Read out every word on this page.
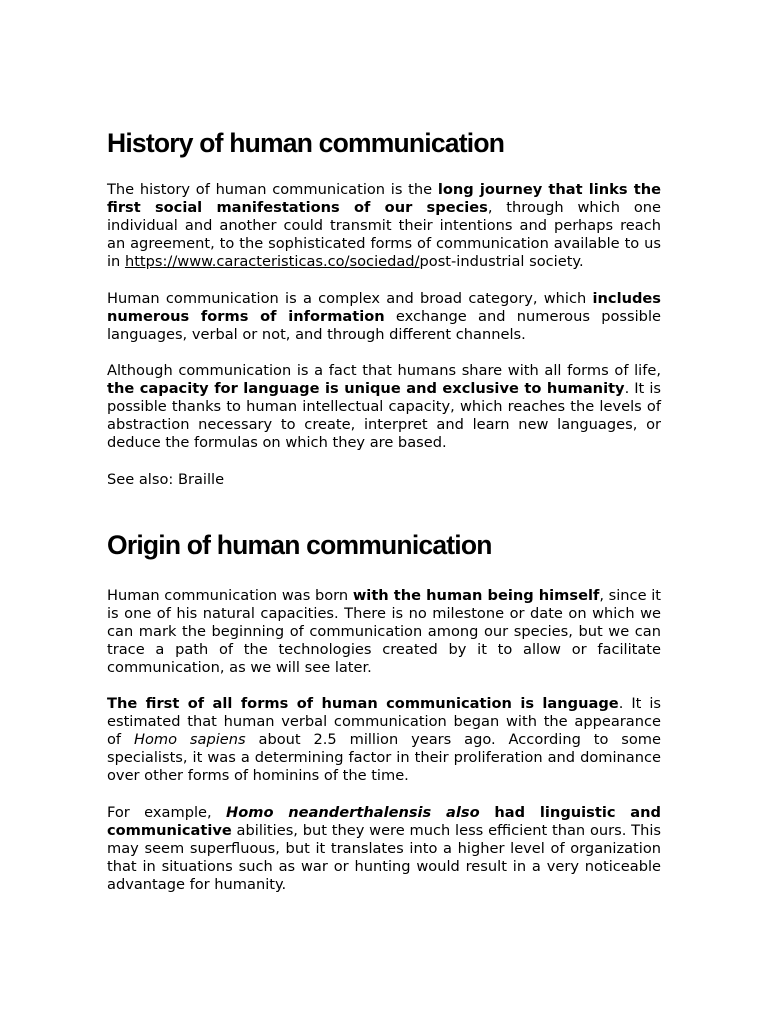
History of human communication

The history of human communication is the long journey that links the first social manifestations of our species, through which one individual and another could transmit their intentions and perhaps reach an agreement, to the sophisticated forms of communication available to us in https://www.caracteristicas.co/sociedad/post-industrial society.

Human communication is a complex and broad category, which includes numerous forms of information exchange and numerous possible languages, verbal or not, and through different channels.

Although communication is a fact that humans share with all forms of life, the capacity for language is unique and exclusive to humanity. It is possible thanks to human intellectual capacity, which reaches the levels of abstraction necessary to create, interpret and learn new languages, or deduce the formulas on which they are based.

See also: Braille

Origin of human communication

Human communication was born with the human being himself, since it is one of his natural capacities. There is no milestone or date on which we can mark the beginning of communication among our species, but we can trace a path of the technologies created by it to allow or facilitate communication, as we will see later.

The first of all forms of human communication is language. It is estimated that human verbal communication began with the appearance of Homo sapiens about 2.5 million years ago. According to some specialists, it was a determining factor in their proliferation and dominance over other forms of hominins of the time.

For example, Homo neanderthalensis also had linguistic and communicative abilities, but they were much less efficient than ours. This may seem superfluous, but it translates into a higher level of organization that in situations such as war or hunting would result in a very noticeable advantage for humanity.
